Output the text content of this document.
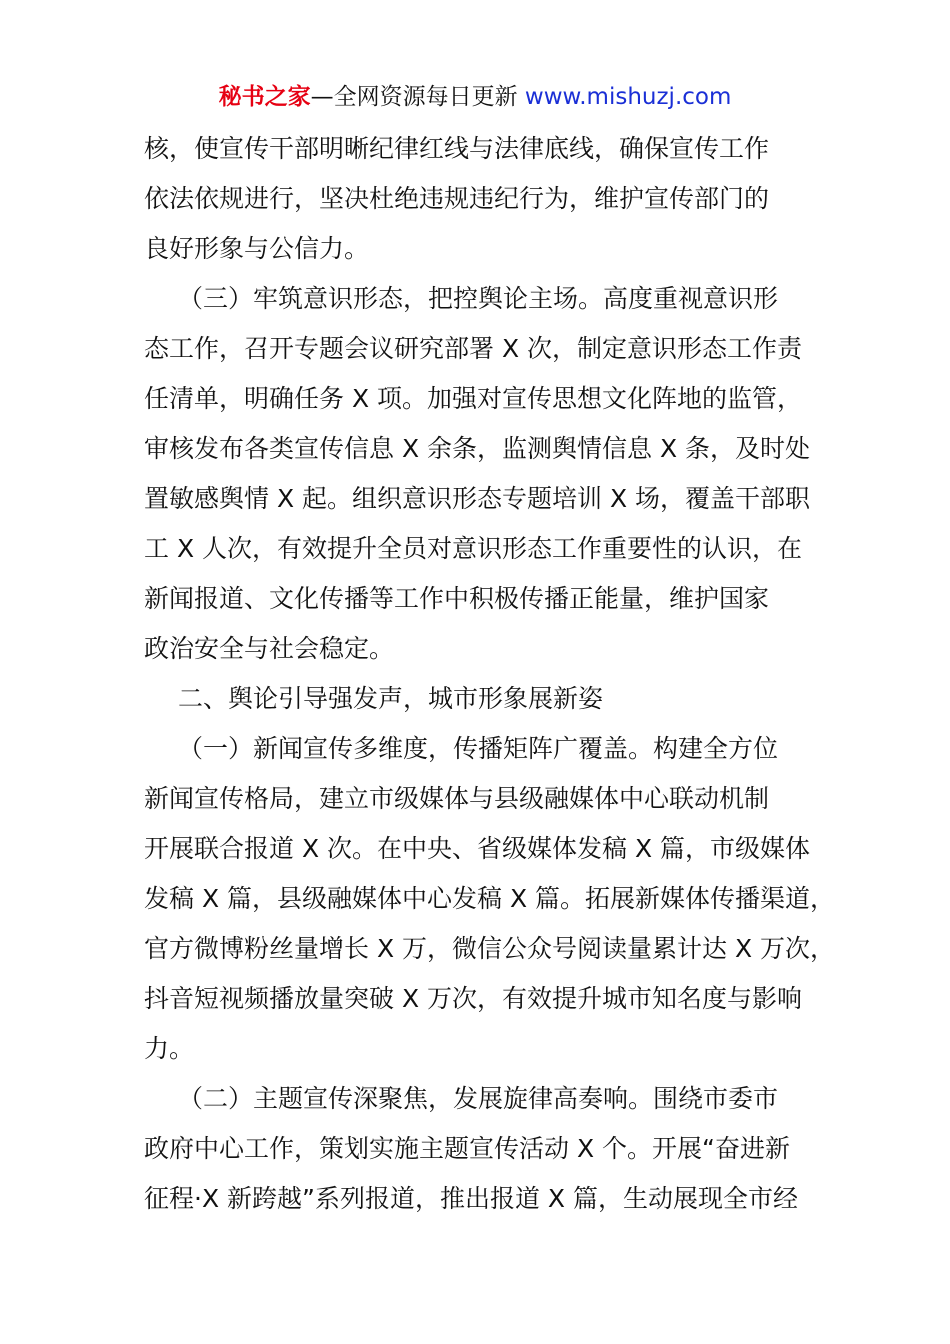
秘书之家—全网资源每日更新 www.mishuzj.com
核，使宣传干部明晰纪律红线与法律底线，确保宣传工作
依法依规进行，坚决杜绝违规违纪行为，维护宣传部门的
良好形象与公信力。
（三）牢筑意识形态，把控舆论主场。高度重视意识形
态工作，召开专题会议研究部署 X 次，制定意识形态工作责
任清单，明确任务 X 项。加强对宣传思想文化阵地的监管，
审核发布各类宣传信息 X 余条，监测舆情信息 X 条，及时处
置敏感舆情 X 起。组织意识形态专题培训 X 场，覆盖干部职
工 X 人次，有效提升全员对意识形态工作重要性的认识，在
新闻报道、文化传播等工作中积极传播正能量，维护国家
政治安全与社会稳定。
二、舆论引导强发声，城市形象展新姿
（一）新闻宣传多维度，传播矩阵广覆盖。构建全方位
新闻宣传格局，建立市级媒体与县级融媒体中心联动机制
开展联合报道 X 次。在中央、省级媒体发稿 X 篇，市级媒体
发稿 X 篇，县级融媒体中心发稿 X 篇。拓展新媒体传播渠道，
官方微博粉丝量增长 X 万，微信公众号阅读量累计达 X 万次，
抖音短视频播放量突破 X 万次，有效提升城市知名度与影响
力。
（二）主题宣传深聚焦，发展旋律高奏响。围绕市委市
政府中心工作，策划实施主题宣传活动 X 个。开展“奋进新
征程·X 新跨越”系列报道，推出报道 X 篇，生动展现全市经
